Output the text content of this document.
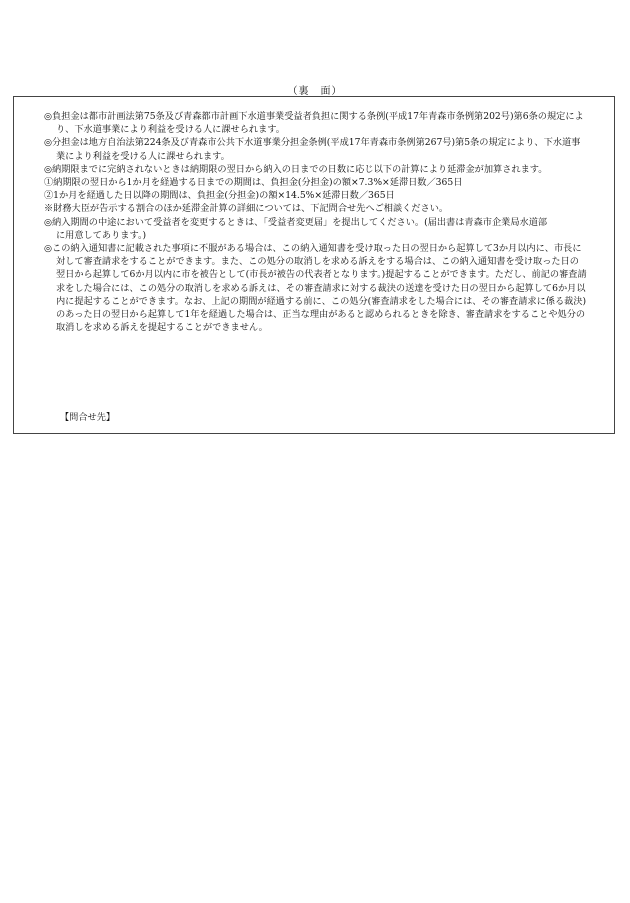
（裏　面）

◎負担金は都市計画法第75条及び青森都市計画下水道事業受益者負担に関する条例(平成17年青森市条例第202号)第6条の規定により、下水道事業により利益を受ける人に課せられます。

◎分担金は地方自治法第224条及び青森市公共下水道事業分担金条例(平成17年青森市条例第267号)第5条の規定により、下水道事業により利益を受ける人に課せられます。

◎納期限までに完納されないときは納期限の翌日から納入の日までの日数に応じ以下の計算により延滞金が加算されます。

①納期限の翌日から1か月を経過する日までの期間は、負担金(分担金)の額×7.3%×延滞日数／365日

②1か月を経過した日以降の期間は、負担金(分担金)の額×14.5%×延滞日数／365日

※財務大臣が告示する割合のほか延滞金計算の詳細については、下記問合せ先へご相談ください。

◎納入期間の中途において受益者を変更するときは、「受益者変更届」を提出してください。(届出書は青森市企業局水道部に用意してあります。)

◎この納入通知書に記載された事項に不服がある場合は、この納入通知書を受け取った日の翌日から起算して3か月以内に、市長に対して審査請求をすることができます。また、この処分の取消しを求める訴えをする場合は、この納入通知書を受け取った日の翌日から起算して6か月以内に市を被告として(市長が被告の代表者となります。)提起することができます。ただし、前記の審査請求をした場合には、この処分の取消しを求める訴えは、その審査請求に対する裁決の送達を受けた日の翌日から起算して6か月以内に提起することができます。なお、上記の期間が経過する前に、この処分(審査請求をした場合には、その審査請求に係る裁決)のあった日の翌日から起算して1年を経過した場合は、正当な理由があると認められるときを除き、審査請求をすることや処分の取消しを求める訴えを提起することができません。

【問合せ先】
